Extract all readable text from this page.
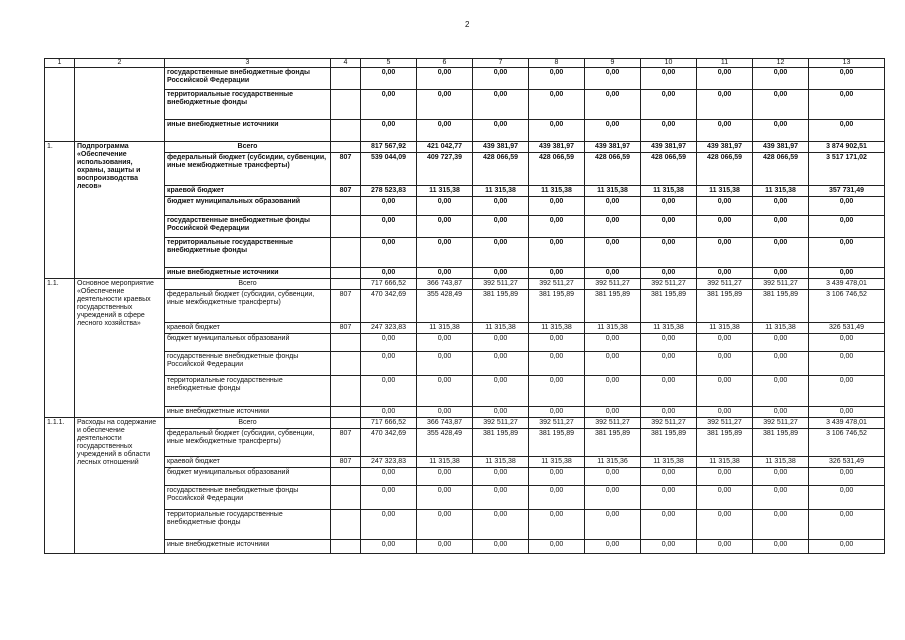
2
1	2	3	4	5	6	7	8	9	10	11	12	13
		государственные внебюджетные фонды Российской Федерации		0,00	0,00	0,00	0,00	0,00	0,00	0,00	0,00	0,00
		территориальные государственные внебюджетные фонды		0,00	0,00	0,00	0,00	0,00	0,00	0,00	0,00	0,00
		иные внебюджетные источники		0,00	0,00	0,00	0,00	0,00	0,00	0,00	0,00	0,00
1.	Подпрограмма «Обеспечение использования, охраны, защиты и воспроизводства лесов»	Всего		817 567,92	421 042,77	439 381,97	439 381,97	439 381,97	439 381,97	439 381,97	439 381,97	3 874 902,51
		федеральный бюджет (субсидии, субвенции, иные межбюджетные трансферты)	807	539 044,09	409 727,39	428 066,59	428 066,59	428 066,59	428 066,59	428 066,59	428 066,59	3 517 171,02
		краевой бюджет	807	278 523,83	11 315,38	11 315,38	11 315,38	11 315,38	11 315,38	11 315,38	11 315,38	357 731,49
		бюджет муниципальных образований		0,00	0,00	0,00	0,00	0,00	0,00	0,00	0,00	0,00
		государственные внебюджетные фонды Российской Федерации		0,00	0,00	0,00	0,00	0,00	0,00	0,00	0,00	0,00
		территориальные государственные внебюджетные фонды		0,00	0,00	0,00	0,00	0,00	0,00	0,00	0,00	0,00
		иные внебюджетные источники		0,00	0,00	0,00	0,00	0,00	0,00	0,00	0,00	0,00
1.1.	Основное мероприятие «Обеспечение деятельности краевых государственных учреждений в сфере лесного хозяйства»	Всего		717 666,52	366 743,87	392 511,27	392 511,27	392 511,27	392 511,27	392 511,27	392 511,27	3 439 478,01
		федеральный бюджет (субсидии, субвенции, иные межбюджетные трансферты)	807	470 342,69	355 428,49	381 195,89	381 195,89	381 195,89	381 195,89	381 195,89	381 195,89	3 106 746,52
		краевой бюджет	807	247 323,83	11 315,38	11 315,38	11 315,38	11 315,38	11 315,38	11 315,38	11 315,38	326 531,49
		бюджет муниципальных образований		0,00	0,00	0,00	0,00	0,00	0,00	0,00	0,00	0,00
		государственные внебюджетные фонды Российской Федерации		0,00	0,00	0,00	0,00	0,00	0,00	0,00	0,00	0,00
		территориальные государственные внебюджетные фонды		0,00	0,00	0,00	0,00	0,00	0,00	0,00	0,00	0,00
		иные внебюджетные источники		0,00	0,00	0,00	0,00	0,00	0,00	0,00	0,00	0,00
1.1.1.	Расходы на содержание и обеспечение деятельности государственных учреждений в области лесных отношений	Всего		717 666,52	366 743,87	392 511,27	392 511,27	392 511,27	392 511,27	392 511,27	392 511,27	3 439 478,01
		федеральный бюджет (субсидии, субвенции, иные межбюджетные трансферты)	807	470 342,69	355 428,49	381 195,89	381 195,89	381 195,89	381 195,89	381 195,89	381 195,89	3 106 746,52
		краевой бюджет	807	247 323,83	11 315,38	11 315,38	11 315,38	11 315,36	11 315,38	11 315,38	11 315,38	326 531,49
		бюджет муниципальных образований		0,00	0,00	0,00	0,00	0,00	0,00	0,00	0,00	0,00
		государственные внебюджетные фонды Российской Федерации		0,00	0,00	0,00	0,00	0,00	0,00	0,00	0,00	0,00
		территориальные государственные внебюджетные фонды		0,00	0,00	0,00	0,00	0,00	0,00	0,00	0,00	0,00
		иные внебюджетные источники		0,00	0,00	0,00	0,00	0,00	0,00	0,00	0,00	0,00
